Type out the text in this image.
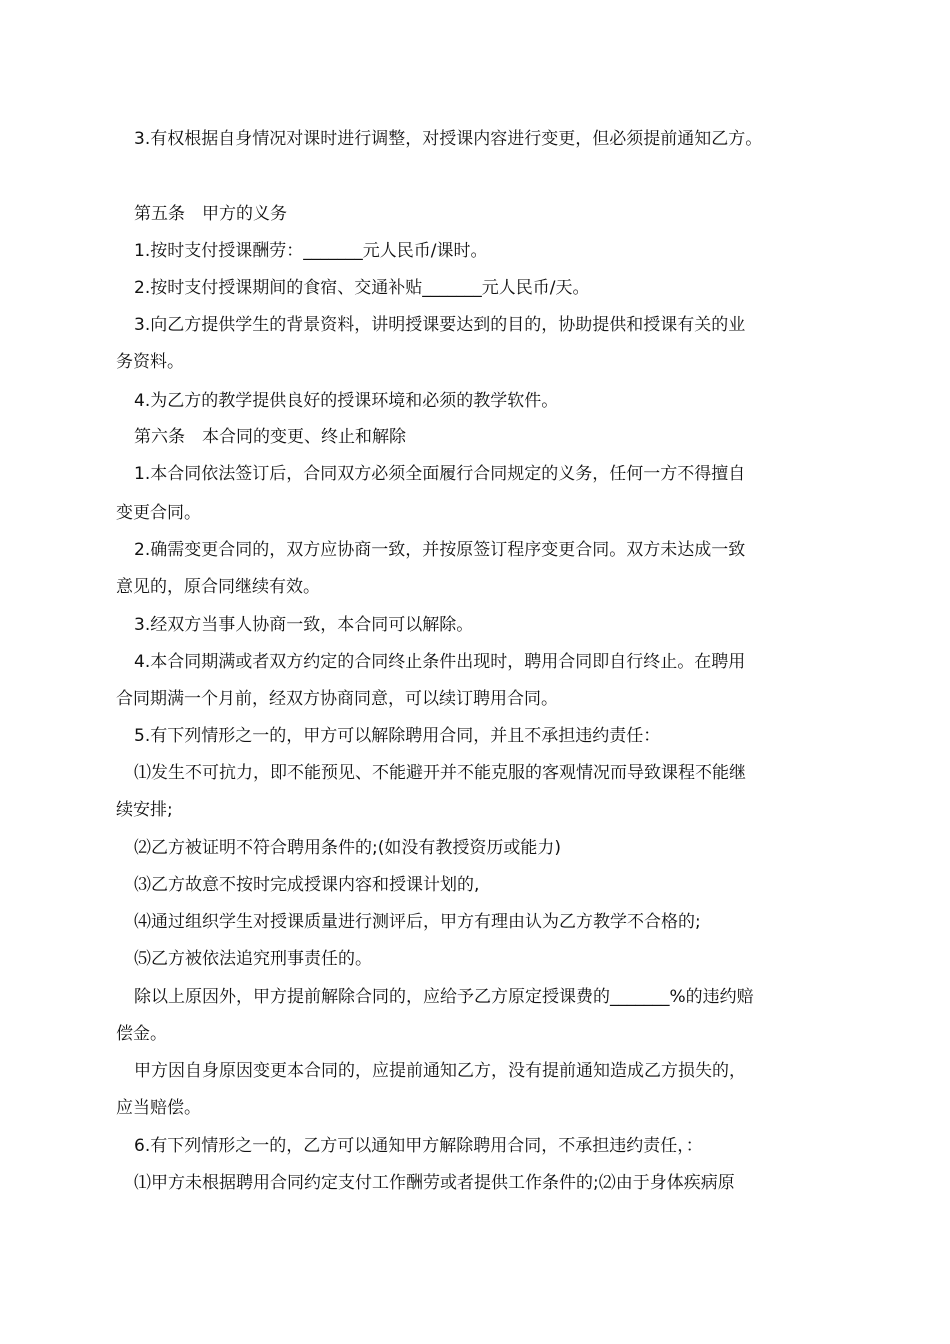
3.有权根据自身情况对课时进行调整，对授课内容进行变更，但必须提前通知乙方。
第五条　甲方的义务
1.按时支付授课酬劳：_______元人民币/课时。
2.按时支付授课期间的食宿、交通补贴_______元人民币/天。
3.向乙方提供学生的背景资料，讲明授课要达到的目的，协助提供和授课有关的业
务资料。
4.为乙方的教学提供良好的授课环境和必须的教学软件。
第六条　本合同的变更、终止和解除
1.本合同依法签订后，合同双方必须全面履行合同规定的义务，任何一方不得擅自
变更合同。
2.确需变更合同的，双方应协商一致，并按原签订程序变更合同。双方未达成一致
意见的，原合同继续有效。
3.经双方当事人协商一致，本合同可以解除。
4.本合同期满或者双方约定的合同终止条件出现时，聘用合同即自行终止。在聘用
合同期满一个月前，经双方协商同意，可以续订聘用合同。
5.有下列情形之一的，甲方可以解除聘用合同，并且不承担违约责任：
⑴发生不可抗力，即不能预见、不能避开并不能克服的客观情况而导致课程不能继
续安排;
⑵乙方被证明不符合聘用条件的;(如没有教授资历或能力)
⑶乙方故意不按时完成授课内容和授课计划的,
⑷通过组织学生对授课质量进行测评后，甲方有理由认为乙方教学不合格的;
⑸乙方被依法追究刑事责任的。
除以上原因外，甲方提前解除合同的，应给予乙方原定授课费的_______%的违约赔
偿金。
甲方因自身原因变更本合同的，应提前通知乙方，没有提前通知造成乙方损失的，
应当赔偿。
6.有下列情形之一的，乙方可以通知甲方解除聘用合同，不承担违约责任，：
⑴甲方未根据聘用合同约定支付工作酬劳或者提供工作条件的;⑵由于身体疾病原
